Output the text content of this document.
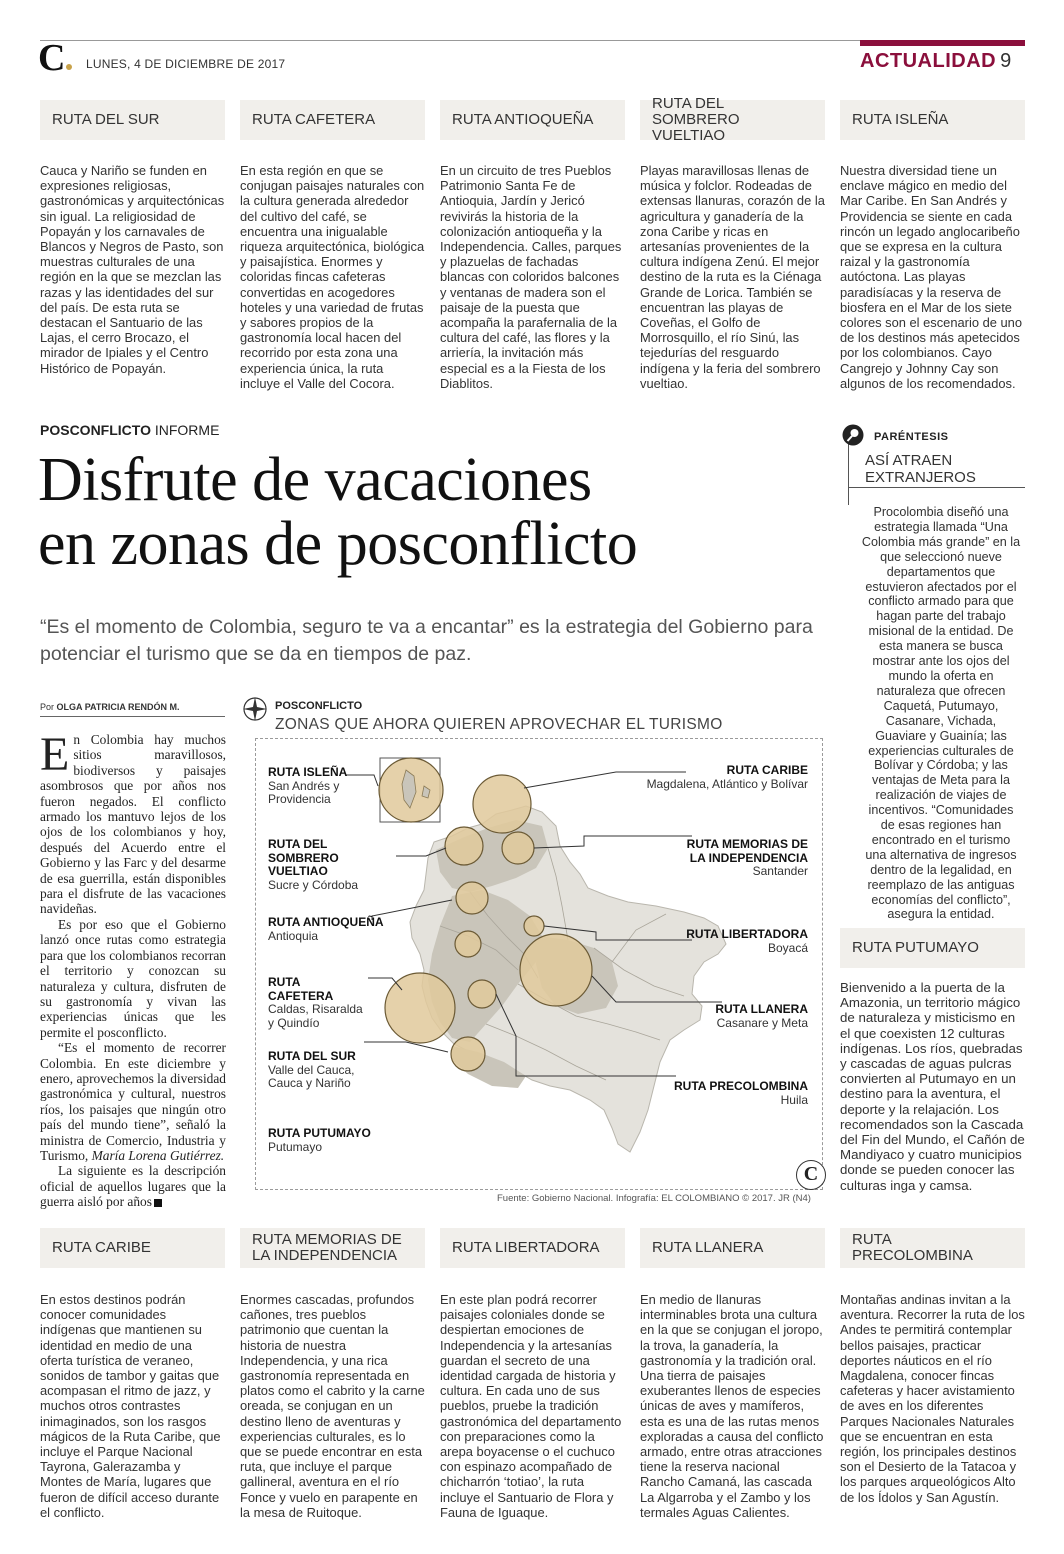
C	LUNES, 4 DE DICIEMBRE DE 2017	ACTUALIDAD 9
RUTA DEL SUR	RUTA CAFETERA	RUTA ANTIOQUEÑA
RUTA DEL SOMBRERO VUELTIAO
RUTA ISLEÑA
Cauca y Nariño se funden en expresiones religiosas, gastronómicas y arquitectónicas sin igual. La religiosidad de Popayán y los carnavales de Blancos y Negros de Pasto, son muestras culturales de una región en la que se mezclan las razas y las identidades del sur del país. De esta ruta se destacan el Santuario de las Lajas, el cerro Brocazo, el mirador de Ipiales y el Centro Histórico de Popayán.
En esta región en que se conjugan paisajes naturales con la cultura generada alrededor del cultivo del café, se encuentra una inigualable riqueza arquitectónica, biológica y paisajística. Enormes y coloridas fincas cafeteras convertidas en acogedores hoteles y una variedad de frutas y sabores propios de la gastronomía local hacen del recorrido por esta zona una experiencia única, la ruta incluye el Valle del Cocora.
En un circuito de tres Pueblos Patrimonio Santa Fe de Antioquia, Jardín y Jericó revivirás la historia de la colonización antioqueña y la Independencia. Calles, parques y plazuelas de fachadas blancas con coloridos balcones y ventanas de madera son el paisaje de la puesta que acompaña la parafernalia de la cultura del café, las flores y la arriería, la invitación más especial es a la Fiesta de los Diablitos.
Playas maravillosas llenas de música y folclor. Rodeadas de extensas llanuras, corazón de la agricultura y ganadería de la zona Caribe y ricas en artesanías provenientes de la cultura indígena Zenú. El mejor destino de la ruta es la Ciénaga Grande de Lorica. También se encuentran las playas de Coveñas, el Golfo de Morrosquillo, el río Sinú, las tejedurías del resguardo indígena y la feria del sombrero vueltiao.
Nuestra diversidad tiene un enclave mágico en medio del Mar Caribe. En San Andrés y Providencia se siente en cada rincón un legado anglocaribeño que se expresa en la cultura raizal y la gastronomía autóctona. Las playas paradisíacas y la reserva de biosfera en el Mar de los siete colores son el escenario de uno de los destinos más apetecidos por los colombianos. Cayo Cangrejo y Johnny Cay son algunos de los recomendados.
POSCONFLICTO INFORME
Disfrute de vacaciones
en zonas de posconflicto
“Es el momento de Colombia, seguro te va a encantar” es la estrategia del Gobierno para potenciar el turismo que se da en tiempos de paz.
Por OLGA PATRICIA RENDÓN M.

En Colombia hay muchos sitios maravillosos, biodiversos y paisajes asombrosos que por años nos fueron negados. El conflicto armado los mantuvo lejos de los ojos de los colombianos y hoy, después del Acuerdo entre el Gobierno y las Farc y del desarme de esa guerrilla, están disponibles para el disfrute de las vacaciones navideñas.

Es por eso que el Gobierno lanzó once rutas como estrategia para que los colombianos recorran el territorio y conozcan su naturaleza y cultura, disfruten de su gastronomía y vivan las experiencias únicas que les permite el posconflicto.

“Es el momento de recorrer Colombia. En este diciembre y enero, aprovechemos la diversidad gastronómica y cultural, nuestros ríos, los paisajes que ningún otro país del mundo tiene”, señaló la ministra de Comercio, Industria y Turismo, María Lorena Gutiérrez.

La siguiente es la descripción oficial de aquellos lugares que la guerra aisló por años

PARÉNTESIS
ASÍ ATRAEN EXTRANJEROS
Procolombia diseñó una estrategia llamada “Una Colombia más grande” en la que seleccionó nueve departamentos que estuvieron afectados por el conflicto armado para que hagan parte del trabajo misional de la entidad. De esta manera se busca mostrar ante los ojos del mundo la oferta en naturaleza que ofrecen Caquetá, Putumayo, Casanare, Vichada, Guaviare y Guainía; las experiencias culturales de Bolívar y Córdoba; y las ventajas de Meta para la realización de viajes de incentivos. “Comunidades de esas regiones han encontrado en el turismo una alternativa de ingresos dentro de la legalidad, en reemplazo de las antiguas economías del conflicto”, asegura la entidad.
RUTA PUTUMAYO
Bienvenido a la puerta de la Amazonia, un territorio mágico de naturaleza y misticismo en el que coexisten 12 culturas indígenas. Los ríos, quebradas y cascadas de aguas pulcras convierten al Putumayo en un destino para la aventura, el deporte y la relajación. Los recomendados son la Cascada del Fin del Mundo, el Cañón de Mandiyaco y cuatro municipios donde se pueden conocer las culturas inga y camsa.
POSCONFLICTO
ZONAS QUE AHORA QUIEREN APROVECHAR EL TURISMO
RUTA ISLEÑA
San Andrés y Providencia
RUTA DEL SOMBRERO VUELTIAO
Sucre y Córdoba
RUTA ANTIOQUEÑA
Antioquia
RUTA CAFETERA
Caldas, Risaralda y Quindío
RUTA DEL SUR
Valle del Cauca, Cauca y Nariño
RUTA PUTUMAYO
Putumayo
RUTA CARIBE
Magdalena, Atlántico y Bolívar
RUTA MEMORIAS DE LA INDEPENDENCIA
Santander
RUTA LIBERTADORA
Boyacá
RUTA LLANERA
Casanare y Meta
RUTA PRECOLOMBINA
Huila
C
Fuente: Gobierno Nacional. Infografía: EL COLOMBIANO © 2017. JR (N4)
RUTA CARIBE	RUTA MEMORIAS DE LA INDEPENDENCIA	RUTA LIBERTADORA	RUTA LLANERA	RUTA PRECOLOMBINA
En estos destinos podrán conocer comunidades indígenas que mantienen su identidad en medio de una oferta turística de veraneo, sonidos de tambor y gaitas que acompasan el ritmo de jazz, y muchos otros contrastes inimaginados, son los rasgos mágicos de la Ruta Caribe, que incluye el Parque Nacional Tayrona, Galerazamba y Montes de María, lugares que fueron de difícil acceso durante el conflicto.
Enormes cascadas, profundos cañones, tres pueblos patrimonio que cuentan la historia de nuestra Independencia, y una rica gastronomía representada en platos como el cabrito y la carne oreada, se conjugan en un destino lleno de aventuras y experiencias culturales, es lo que se puede encontrar en esta ruta, que incluye el parque gallineral, aventura en el río Fonce y vuelo en parapente en la mesa de Ruitoque.
En este plan podrá recorrer paisajes coloniales donde se despiertan emociones de Independencia y la artesanías guardan el secreto de una identidad cargada de historia y cultura. En cada uno de sus pueblos, pruebe la tradición gastronómica del departamento con preparaciones como la arepa boyacense o el cuchuco con espinazo acompañado de chicharrón ‘totiao’, la ruta incluye el Santuario de Flora y Fauna de Iguaque.
En medio de llanuras interminables brota una cultura en la que se conjugan el joropo, la trova, la ganadería, la gastronomía y la tradición oral. Una tierra de paisajes exuberantes llenos de especies únicas de aves y mamíferos, esta es una de las rutas menos exploradas a causa del conflicto armado, entre otras atracciones tiene la reserva nacional Rancho Camaná, las cascada La Algarroba y el Zambo y los termales Aguas Calientes.
Montañas andinas invitan a la aventura. Recorrer la ruta de los Andes te permitirá contemplar bellos paisajes, practicar deportes náuticos en el río Magdalena, conocer fincas cafeteras y hacer avistamiento de aves en los diferentes Parques Nacionales Naturales que se encuentran en esta región, los principales destinos son el Desierto de la Tatacoa y los parques arqueológicos Alto de los Ídolos y San Agustín.
